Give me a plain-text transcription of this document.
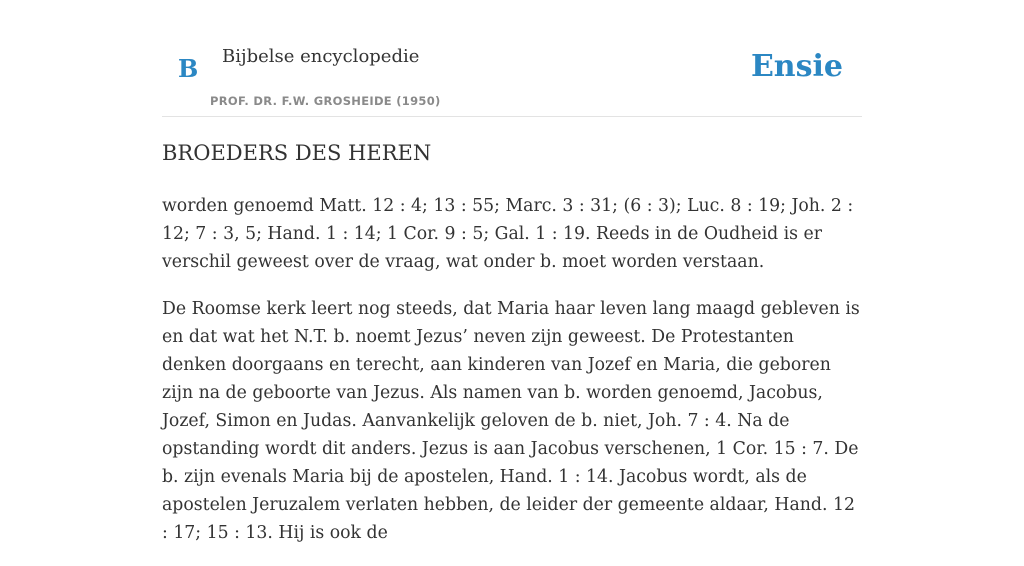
B Bijbelse encyclopedie
PROF. DR. F.W. GROSHEIDE (1950)
Ensie
BROEDERS DES HEREN

worden genoemd Matt. 12 : 4; 13 : 55; Marc. 3 : 31; (6 : 3); Luc. 8 : 19; Joh. 2 : 12; 7 : 3, 5; Hand. 1 : 14; 1 Cor. 9 : 5; Gal. 1 : 19. Reeds in de Oudheid is er verschil geweest over de vraag, wat onder b. moet worden verstaan.

De Roomse kerk leert nog steeds, dat Maria haar leven lang maagd gebleven is en dat wat het N.T. b. noemt Jezus’ neven zijn geweest. De Protestanten denken doorgaans en terecht, aan kinderen van Jozef en Maria, die geboren zijn na de geboorte van Jezus. Als namen van b. worden genoemd, Jacobus, Jozef, Simon en Judas. Aanvankelijk geloven de b. niet, Joh. 7 : 4. Na de opstanding wordt dit anders. Jezus is aan Jacobus verschenen, 1 Cor. 15 : 7. De b. zijn evenals Maria bij de apostelen, Hand. 1 : 14. Jacobus wordt, als de apostelen Jeruzalem verlaten hebben, de leider der gemeente aldaar, Hand. 12 : 17; 15 : 13. Hij is ook de
